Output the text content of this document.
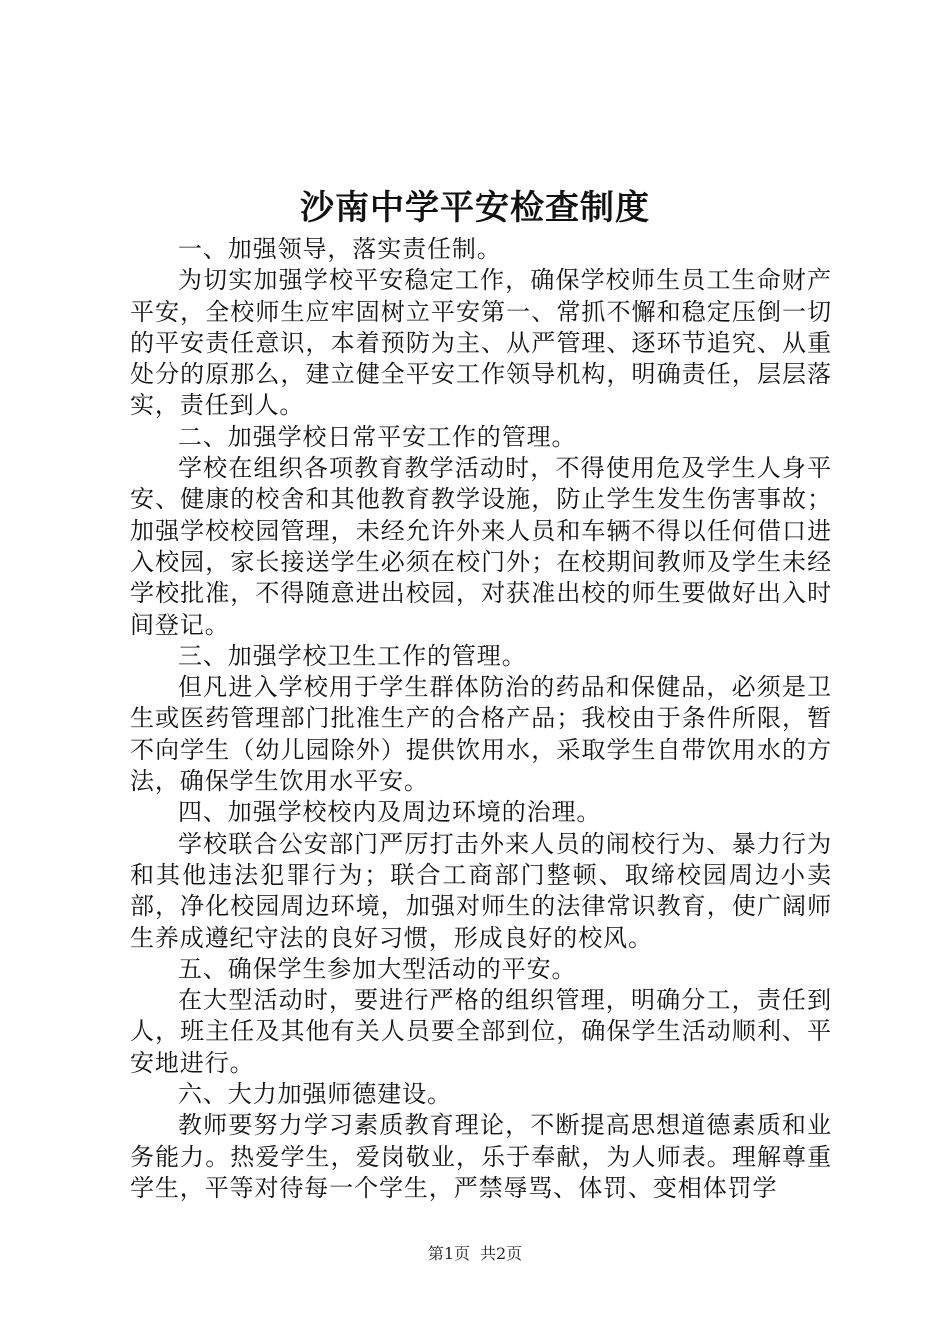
沙南中学平安检查制度

一、加强领导，落实责任制。

为切实加强学校平安稳定工作，确保学校师生员工生命财产平安，全校师生应牢固树立平安第一、常抓不懈和稳定压倒一切的平安责任意识，本着预防为主、从严管理、逐环节追究、从重处分的原那么，建立健全平安工作领导机构，明确责任，层层落实，责任到人。

二、加强学校日常平安工作的管理。

学校在组织各项教育教学活动时，不得使用危及学生人身平安、健康的校舍和其他教育教学设施，防止学生发生伤害事故；加强学校校园管理，未经允许外来人员和车辆不得以任何借口进入校园，家长接送学生必须在校门外；在校期间教师及学生未经学校批准，不得随意进出校园，对获准出校的师生要做好出入时间登记。

三、加强学校卫生工作的管理。

但凡进入学校用于学生群体防治的药品和保健品，必须是卫生或医药管理部门批准生产的合格产品；我校由于条件所限，暂不向学生（幼儿园除外）提供饮用水，采取学生自带饮用水的方法，确保学生饮用水平安。

四、加强学校校内及周边环境的治理。

学校联合公安部门严厉打击外来人员的闹校行为、暴力行为和其他违法犯罪行为；联合工商部门整顿、取缔校园周边小卖部，净化校园周边环境，加强对师生的法律常识教育，使广阔师生养成遵纪守法的良好习惯，形成良好的校风。

五、确保学生参加大型活动的平安。

在大型活动时，要进行严格的组织管理，明确分工，责任到人，班主任及其他有关人员要全部到位，确保学生活动顺利、平安地进行。

六、大力加强师德建设。

教师要努力学习素质教育理论，不断提高思想道德素质和业务能力。热爱学生，爱岗敬业，乐于奉献，为人师表。理解尊重学生，平等对待每一个学生，严禁辱骂、体罚、变相体罚学

第1页 共2页
